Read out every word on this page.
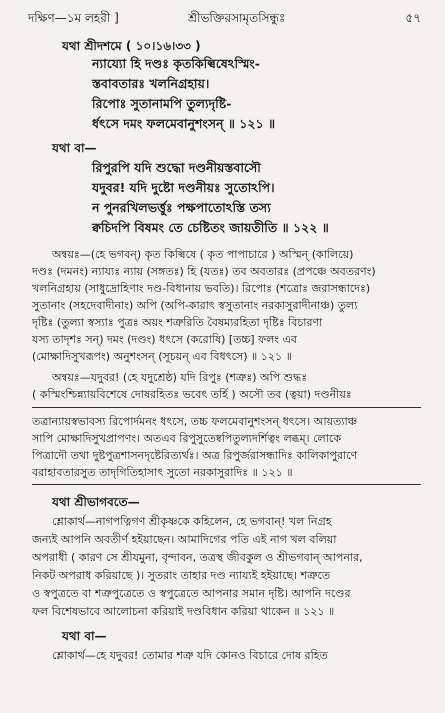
দক্ষিণ—১ম লহরী ]	শ্রীভক্তিরসামৃতসিন্ধুঃ	৫৭
যথা শ্রীদশমে ( ১০।১৬।৩৩ )
ন্যায্যো হি দণ্ডঃ কৃতকিল্বিষেঽস্মিং-
স্তবাবতারঃ খলনিগ্রহায়।
রিপোঃ সুতানামপি তুল্যদৃষ্টি-
র্ধৎসে দমং ফলমেবানুশংসন্ ॥ ১২১ ॥
যথা বা—
রিপুরপি যদি শুদ্ধো দণ্ডনীয়স্তবাসৌ
যদুবর! যদি দুষ্টো দণ্ডনীয়ঃ সুতোঽপি।
ন পুনরখিলভর্ত্তুঃ পক্ষপাতোঽস্তি তস্য
ক্বচিদপি বিষমং তে চেষ্টিতং জায়তীতি ॥ ১২২ ॥
অন্বয়ঃ—(হে ভগবন্) কৃত কিল্বিষে ( কৃত পাপাচারে ) অস্মিন্ (কালিয়ে)
দণ্ডঃ (দমনং) ন্যায্যঃ ন্যায় (সঙ্গতঃ) হি (যতঃ) তব অবতারঃ (প্রপঞ্চে অবতরণং)
খলনিগ্রহায় (সাধুদ্রোহিণাং দণ্ড-বিধানায় ভবতি)। রিপোঃ (শত্রোঃ জরাসন্ধাদেঃ)
সুতানাং (সহদেবাদীনাং) অপি (অপি-কারাৎ স্বসুতানাং নরকাসুরাদীনাঞ্চ) তুল্য
দৃষ্টিঃ (তুল্যা স্বস্যাঃ পুত্রঃ অয়ং শত্রুরিতি বৈষম্যরহিতা দৃষ্টিঃ বিচারণা
যস্য তাদৃশঃ সন্) দমং (দণ্ডং) ধৎসে (করোষি) [তচ্চ] ফলং এব
(মোক্ষাদিসুখরূপং) অনুশংসন্ (সূচয়ন্ এব বিধৎসে) ॥ ১২১ ॥
অন্বয়ঃ—যদুবর! (হে যদুশ্রেষ্ঠ) যদি রিপুঃ (শত্রুঃ) অপি শুদ্ধঃ
( কস্মিংশ্চিন্ন্যায়বিশেষে দোষরহিতঃ ভবেৎ তর্হি ) অসৌ তব (ত্বয়া) দণ্ডনীয়ঃ
তত্রান্যায়স্বভাবস্য রিপোর্দমনং ধৎসে, তচ্চ ফলমেবানুশংসন্ ধৎসে। আয়ত্যাঞ্চ
সাপি মোক্ষাদিসুখপ্রাপণং। অতএব রিপুসুতেষ্বপিতুল্যদর্শিত্বং লব্ধম্। লোকে
পিত্রাদৌ তথা দুষ্টপুত্রশাসনদৃষ্টেরিত্যর্থঃ। অত্র রিপুর্জরাসন্ধাদিঃ কালিকাপুরাণে
বরাহাবতারসুত তাদৃগিতিহাসাৎ সুতো নরকাসুরাদিঃ ॥ ১২১ ॥
যথা শ্রীভাগবতে—
শ্লোকার্থ—নাগপত্নিগণ শ্রীকৃষ্ণকে কহিলেন, হে ভগবান্! খল নিগ্রহ
জন্যই আপনি অবতীর্ণ হইয়াছেন। আমাদিগের পতি এই নাগ খল বলিয়া
অপরাধী ( কারণ সে শ্রীযমুনা, বৃন্দাবন, তত্রস্থ জীবকুল ও শ্রীভগবান্ আপনার,
নিকট অপরাধ করিয়াছে )। সুতরাং তাহার দণ্ড ন্যায্যই হইয়াছে। শত্রুতে
ও স্বপুত্রতে বা শত্রুপুত্রেতে ও স্বপুত্রেতে আপনার সমান দৃষ্টি। আপনি দণ্ডের
ফল বিশেষভাবে আলোচনা করিয়াই দণ্ডবিধান করিয়া থাকেন ॥ ১২১ ॥
যথা বা—
শ্লোকার্থ—হে যদুবর! তোমার শত্রু যদি কোনও বিচারে দোষ রহিত
